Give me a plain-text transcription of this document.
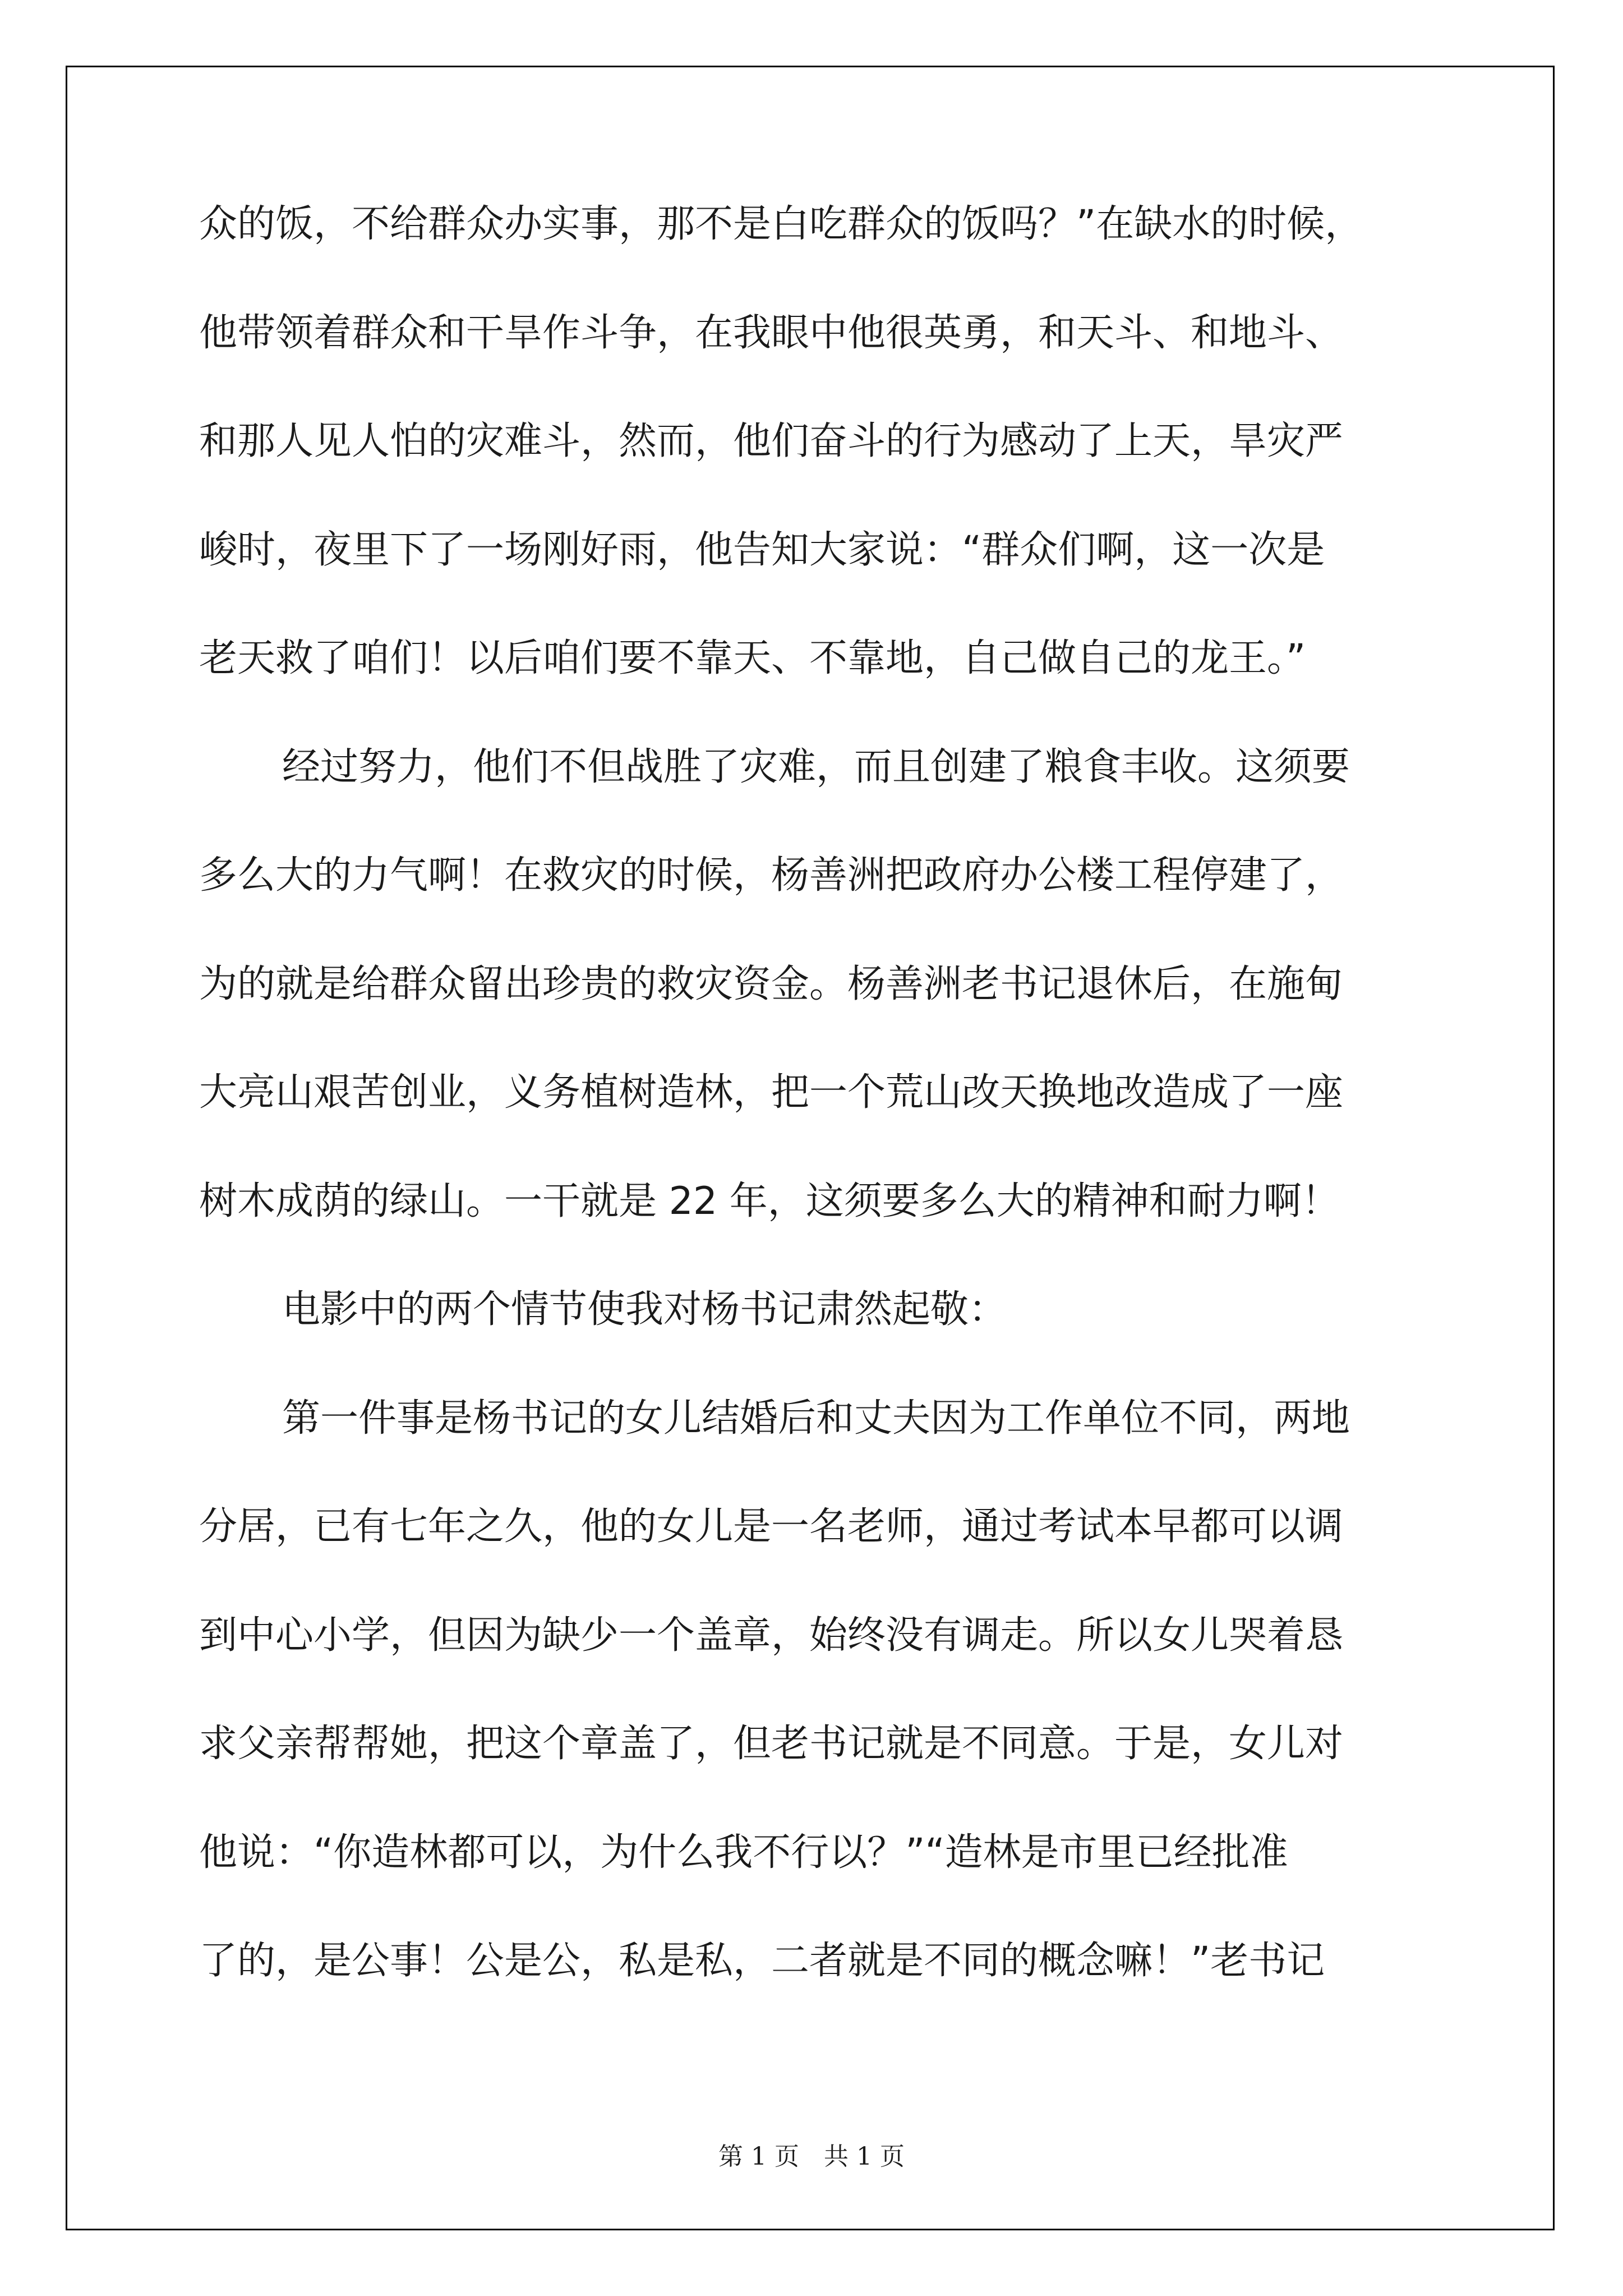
众的饭，不给群众办实事，那不是白吃群众的饭吗？”在缺水的时候，
他带领着群众和干旱作斗争，在我眼中他很英勇，和天斗、和地斗、
和那人见人怕的灾难斗，然而，他们奋斗的行为感动了上天，旱灾严
峻时，夜里下了一场刚好雨，他告知大家说：“群众们啊，这一次是
老天救了咱们！以后咱们要不靠天、不靠地，自己做自己的龙王。”
经过努力，他们不但战胜了灾难，而且创建了粮食丰收。这须要
多么大的力气啊！在救灾的时候，杨善洲把政府办公楼工程停建了，
为的就是给群众留出珍贵的救灾资金。杨善洲老书记退休后，在施甸
大亮山艰苦创业，义务植树造林，把一个荒山改天换地改造成了一座
树木成荫的绿山。一干就是 22 年，这须要多么大的精神和耐力啊！
电影中的两个情节使我对杨书记肃然起敬：
第一件事是杨书记的女儿结婚后和丈夫因为工作单位不同，两地
分居，已有七年之久，他的女儿是一名老师，通过考试本早都可以调
到中心小学，但因为缺少一个盖章，始终没有调走。所以女儿哭着恳
求父亲帮帮她，把这个章盖了，但老书记就是不同意。于是，女儿对
他说：“你造林都可以，为什么我不行以？”“造林是市里已经批准
了的，是公事！公是公，私是私，二者就是不同的概念嘛！”老书记
第 1 页　共 1 页
